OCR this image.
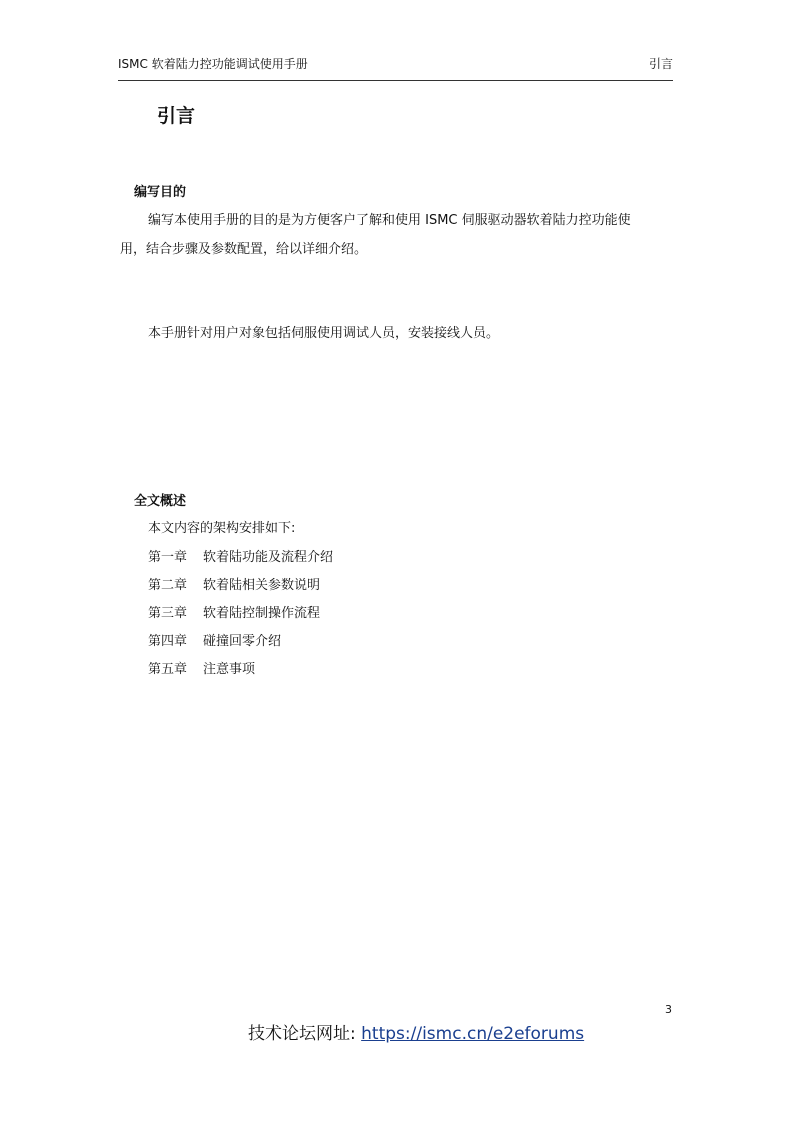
ISMC 软着陆力控功能调试使用手册	引言
引言
编写目的
编写本使用手册的目的是为方便客户了解和使用 ISMC 伺服驱动器软着陆力控功能使
用，结合步骤及参数配置，给以详细介绍。
本手册针对用户对象包括伺服使用调试人员，安装接线人员。
全文概述
本文内容的架构安排如下:
第一章 软着陆功能及流程介绍
第二章 软着陆相关参数说明
第三章 软着陆控制操作流程
第四章 碰撞回零介绍
第五章 注意事项
3
技术论坛网址: https://ismc.cn/e2eforums
